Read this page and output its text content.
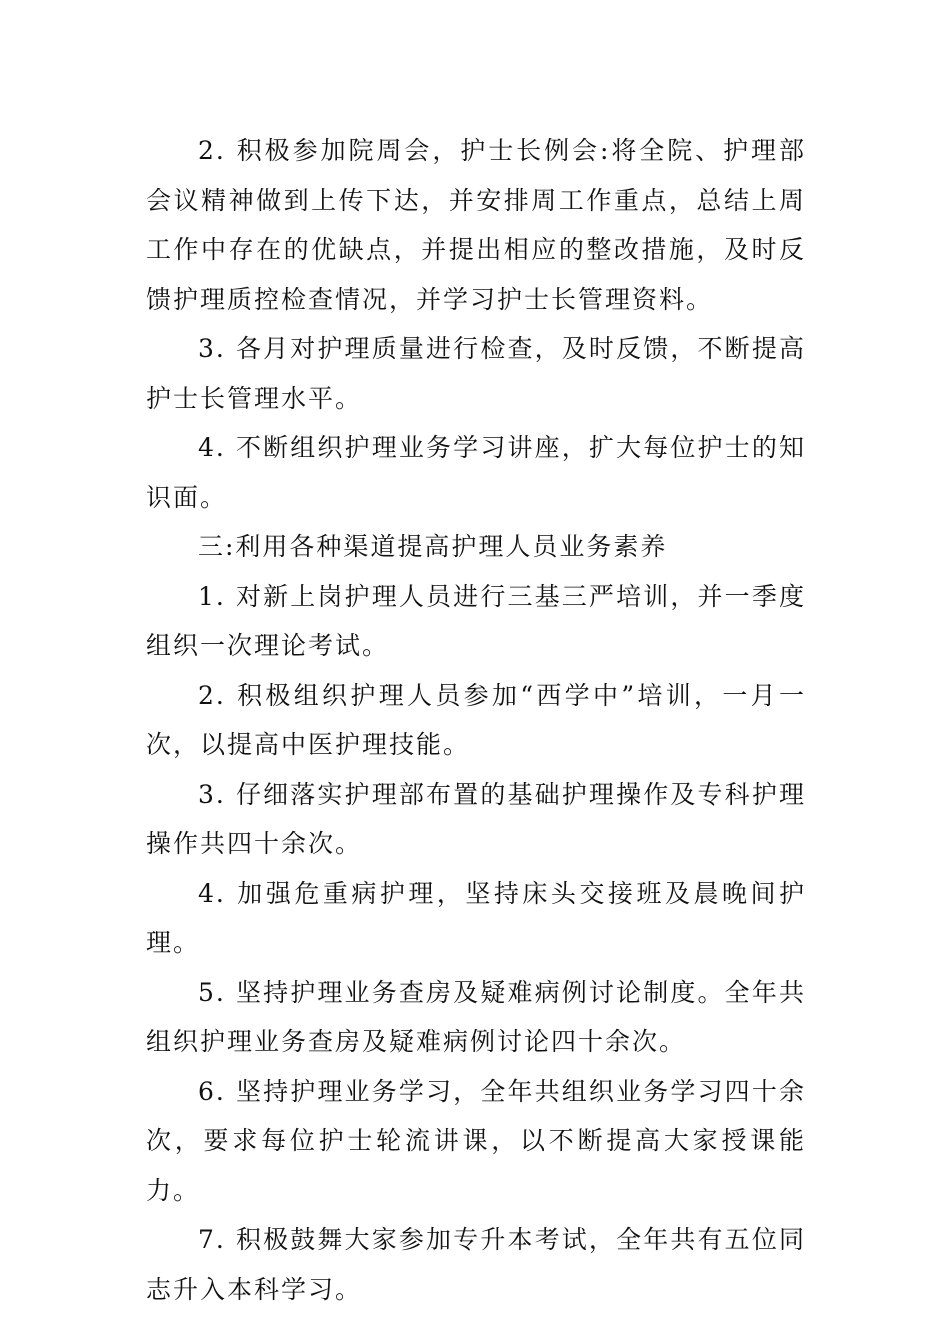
2. 积极参加院周会，护士长例会:将全院、护理部会议精神做到上传下达，并安排周工作重点，总结上周工作中存在的优缺点，并提出相应的整改措施，及时反馈护理质控检查情况，并学习护士长管理资料。

3. 各月对护理质量进行检查，及时反馈，不断提高护士长管理水平。

4. 不断组织护理业务学习讲座，扩大每位护士的知识面。

三:利用各种渠道提高护理人员业务素养

1. 对新上岗护理人员进行三基三严培训，并一季度组织一次理论考试。

2. 积极组织护理人员参加“西学中”培训，一月一次，以提高中医护理技能。

3. 仔细落实护理部布置的基础护理操作及专科护理操作共四十余次。

4. 加强危重病护理，坚持床头交接班及晨晚间护理。

5. 坚持护理业务查房及疑难病例讨论制度。全年共组织护理业务查房及疑难病例讨论四十余次。

6. 坚持护理业务学习，全年共组织业务学习四十余次，要求每位护士轮流讲课，以不断提高大家授课能力。

7. 积极鼓舞大家参加专升本考试，全年共有五位同志升入本科学习。
